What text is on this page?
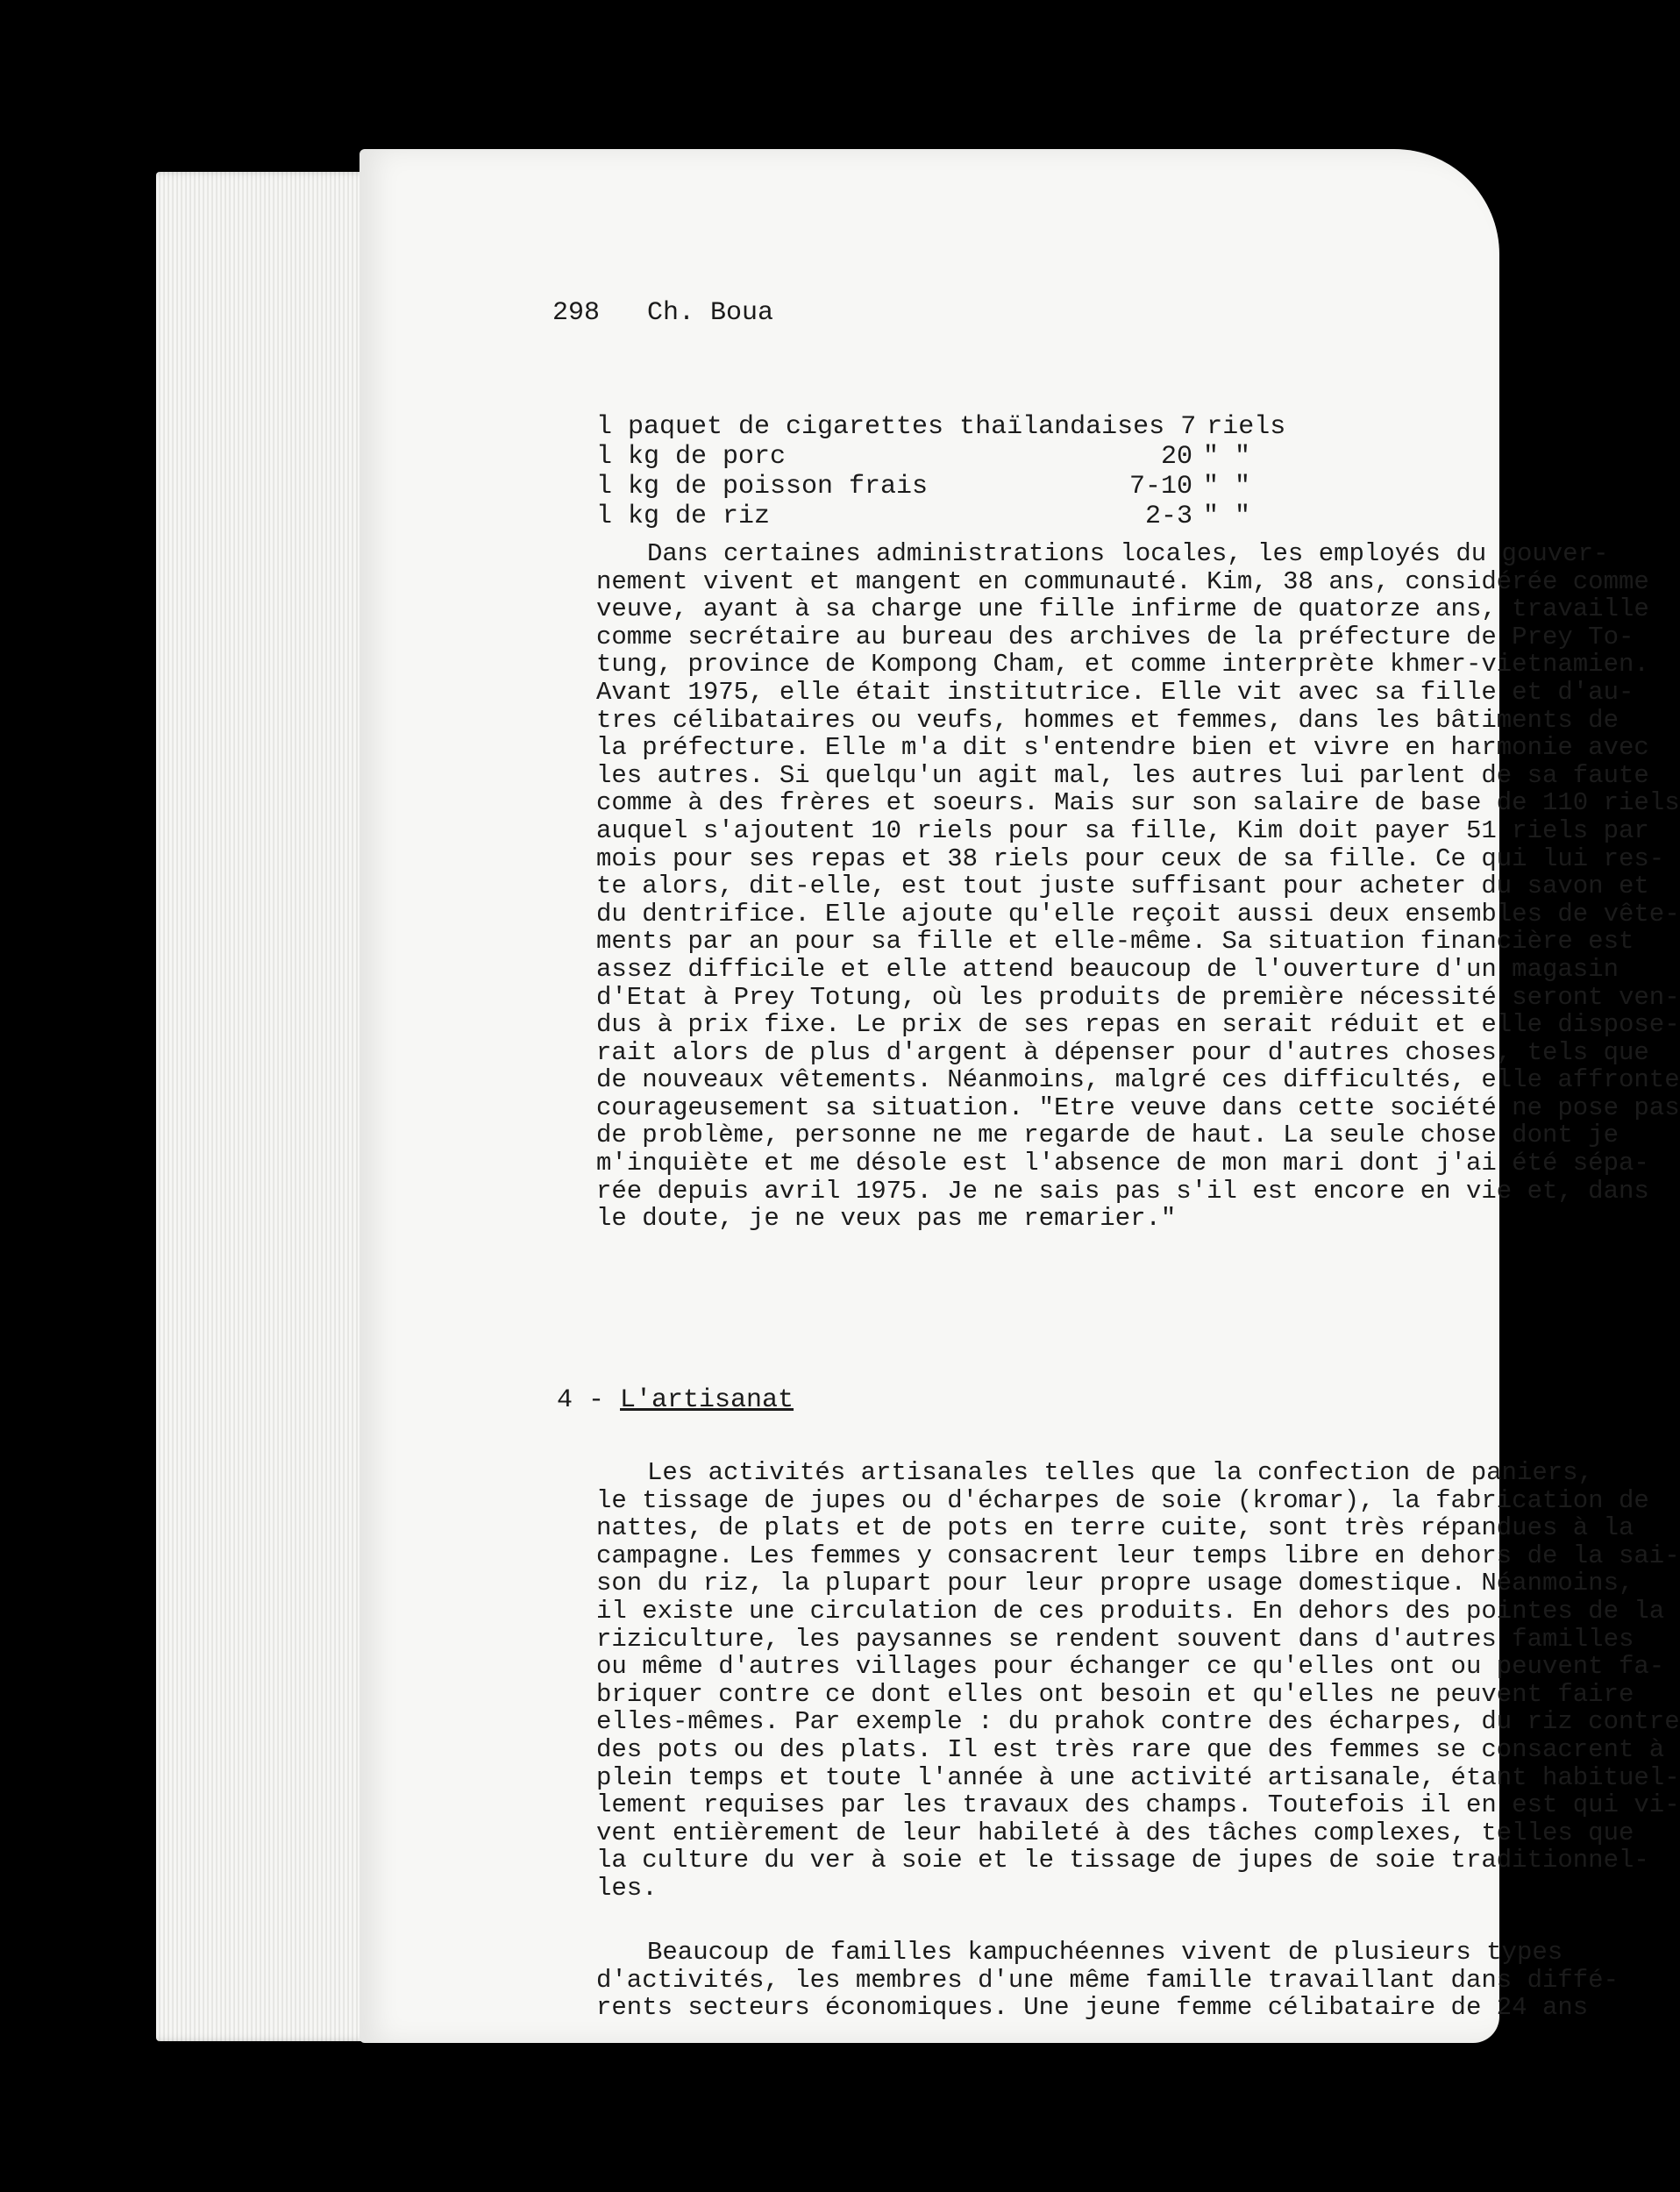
298 Ch. Boua
l paquet de cigarettes thaïlandaises 7 riels
l kg de porc	20 " "
l kg de poisson frais	7-10 " "
l kg de riz	2-3 " "
Dans certaines administrations locales, les employés du gouver-
nement vivent et mangent en communauté. Kim, 38 ans, considérée comme
veuve, ayant à sa charge une fille infirme de quatorze ans, travaille
comme secrétaire au bureau des archives de la préfecture de Prey To-
tung, province de Kompong Cham, et comme interprète khmer-vietnamien.
Avant 1975, elle était institutrice. Elle vit avec sa fille et d'au-
tres célibataires ou veufs, hommes et femmes, dans les bâtiments de
la préfecture. Elle m'a dit s'entendre bien et vivre en harmonie avec
les autres. Si quelqu'un agit mal, les autres lui parlent de sa faute
comme à des frères et soeurs. Mais sur son salaire de base de 110 riels
auquel s'ajoutent 10 riels pour sa fille, Kim doit payer 51 riels par
mois pour ses repas et 38 riels pour ceux de sa fille. Ce qui lui res-
te alors, dit-elle, est tout juste suffisant pour acheter du savon et
du dentrifice. Elle ajoute qu'elle reçoit aussi deux ensembles de vête-
ments par an pour sa fille et elle-même. Sa situation financière est
assez difficile et elle attend beaucoup de l'ouverture d'un magasin
d'Etat à Prey Totung, où les produits de première nécessité seront ven-
dus à prix fixe. Le prix de ses repas en serait réduit et elle dispose-
rait alors de plus d'argent à dépenser pour d'autres choses, tels que
de nouveaux vêtements. Néanmoins, malgré ces difficultés, elle affronte
courageusement sa situation. "Etre veuve dans cette société ne pose pas
de problème, personne ne me regarde de haut. La seule chose dont je
m'inquiète et me désole est l'absence de mon mari dont j'ai été sépa-
rée depuis avril 1975. Je ne sais pas s'il est encore en vie et, dans
le doute, je ne veux pas me remarier."
4 - L'artisanat
Les activités artisanales telles que la confection de paniers,
le tissage de jupes ou d'écharpes de soie (kromar), la fabrication de
nattes, de plats et de pots en terre cuite, sont très répandues à la
campagne. Les femmes y consacrent leur temps libre en dehors de la sai-
son du riz, la plupart pour leur propre usage domestique. Néanmoins,
il existe une circulation de ces produits. En dehors des pointes de la
riziculture, les paysannes se rendent souvent dans d'autres familles
ou même d'autres villages pour échanger ce qu'elles ont ou peuvent fa-
briquer contre ce dont elles ont besoin et qu'elles ne peuvent faire
elles-mêmes. Par exemple : du prahok contre des écharpes, du riz contre
des pots ou des plats. Il est très rare que des femmes se consacrent à
plein temps et toute l'année à une activité artisanale, étant habituel-
lement requises par les travaux des champs. Toutefois il en est qui vi-
vent entièrement de leur habileté à des tâches complexes, telles que
la culture du ver à soie et le tissage de jupes de soie traditionnel-
les.
Beaucoup de familles kampuchéennes vivent de plusieurs types
d'activités, les membres d'une même famille travaillant dans diffé-
rents secteurs économiques. Une jeune femme célibataire de 24 ans
